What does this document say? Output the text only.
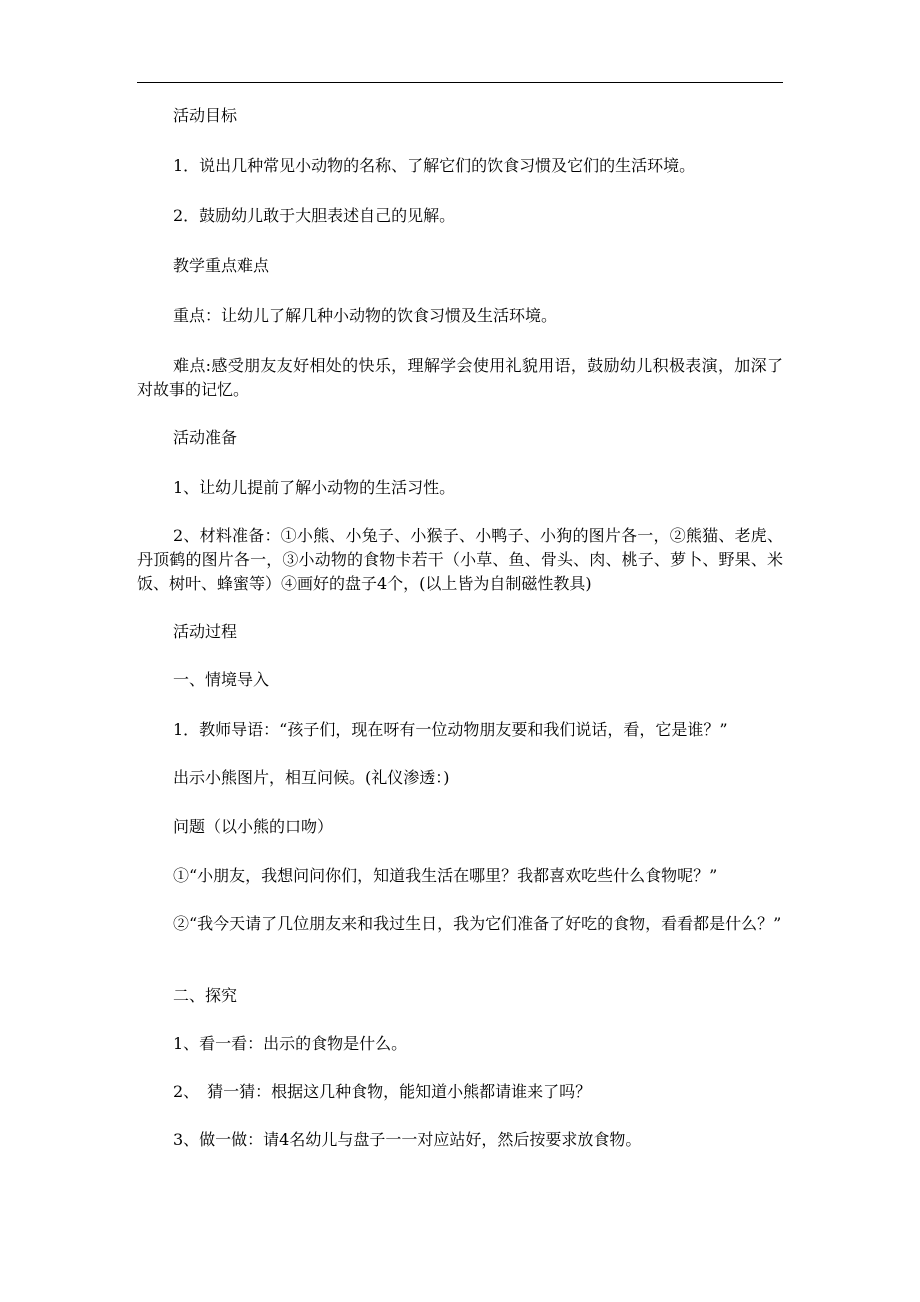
活动目标

1．说出几种常见小动物的名称、了解它们的饮食习惯及它们的生活环境。

2．鼓励幼儿敢于大胆表述自己的见解。

教学重点难点

重点：让幼儿了解几种小动物的饮食习惯及生活环境。

难点:感受朋友友好相处的快乐，理解学会使用礼貌用语，鼓励幼儿积极表演，加深了对故事的记忆。

活动准备

1、让幼儿提前了解小动物的生活习性。

2、材料准备：①小熊、小兔子、小猴子、小鸭子、小狗的图片各一，②熊猫、老虎、丹顶鹤的图片各一，③小动物的食物卡若干（小草、鱼、骨头、肉、桃子、萝卜、野果、米饭、树叶、蜂蜜等）④画好的盘子4个，(以上皆为自制磁性教具)

活动过程

一、情境导入

1．教师导语：“孩子们，现在呀有一位动物朋友要和我们说话，看，它是谁？”

出示小熊图片，相互问候。(礼仪渗透：)

问题（以小熊的口吻）

①“小朋友，我想问问你们，知道我生活在哪里？我都喜欢吃些什么食物呢？”

②“我今天请了几位朋友来和我过生日，我为它们准备了好吃的食物，看看都是什么？”

二、探究

1、看一看：出示的食物是什么。

2、　猜一猜：根据这几种食物，能知道小熊都请谁来了吗？

3、做一做：请4名幼儿与盘子一一对应站好，然后按要求放食物。
